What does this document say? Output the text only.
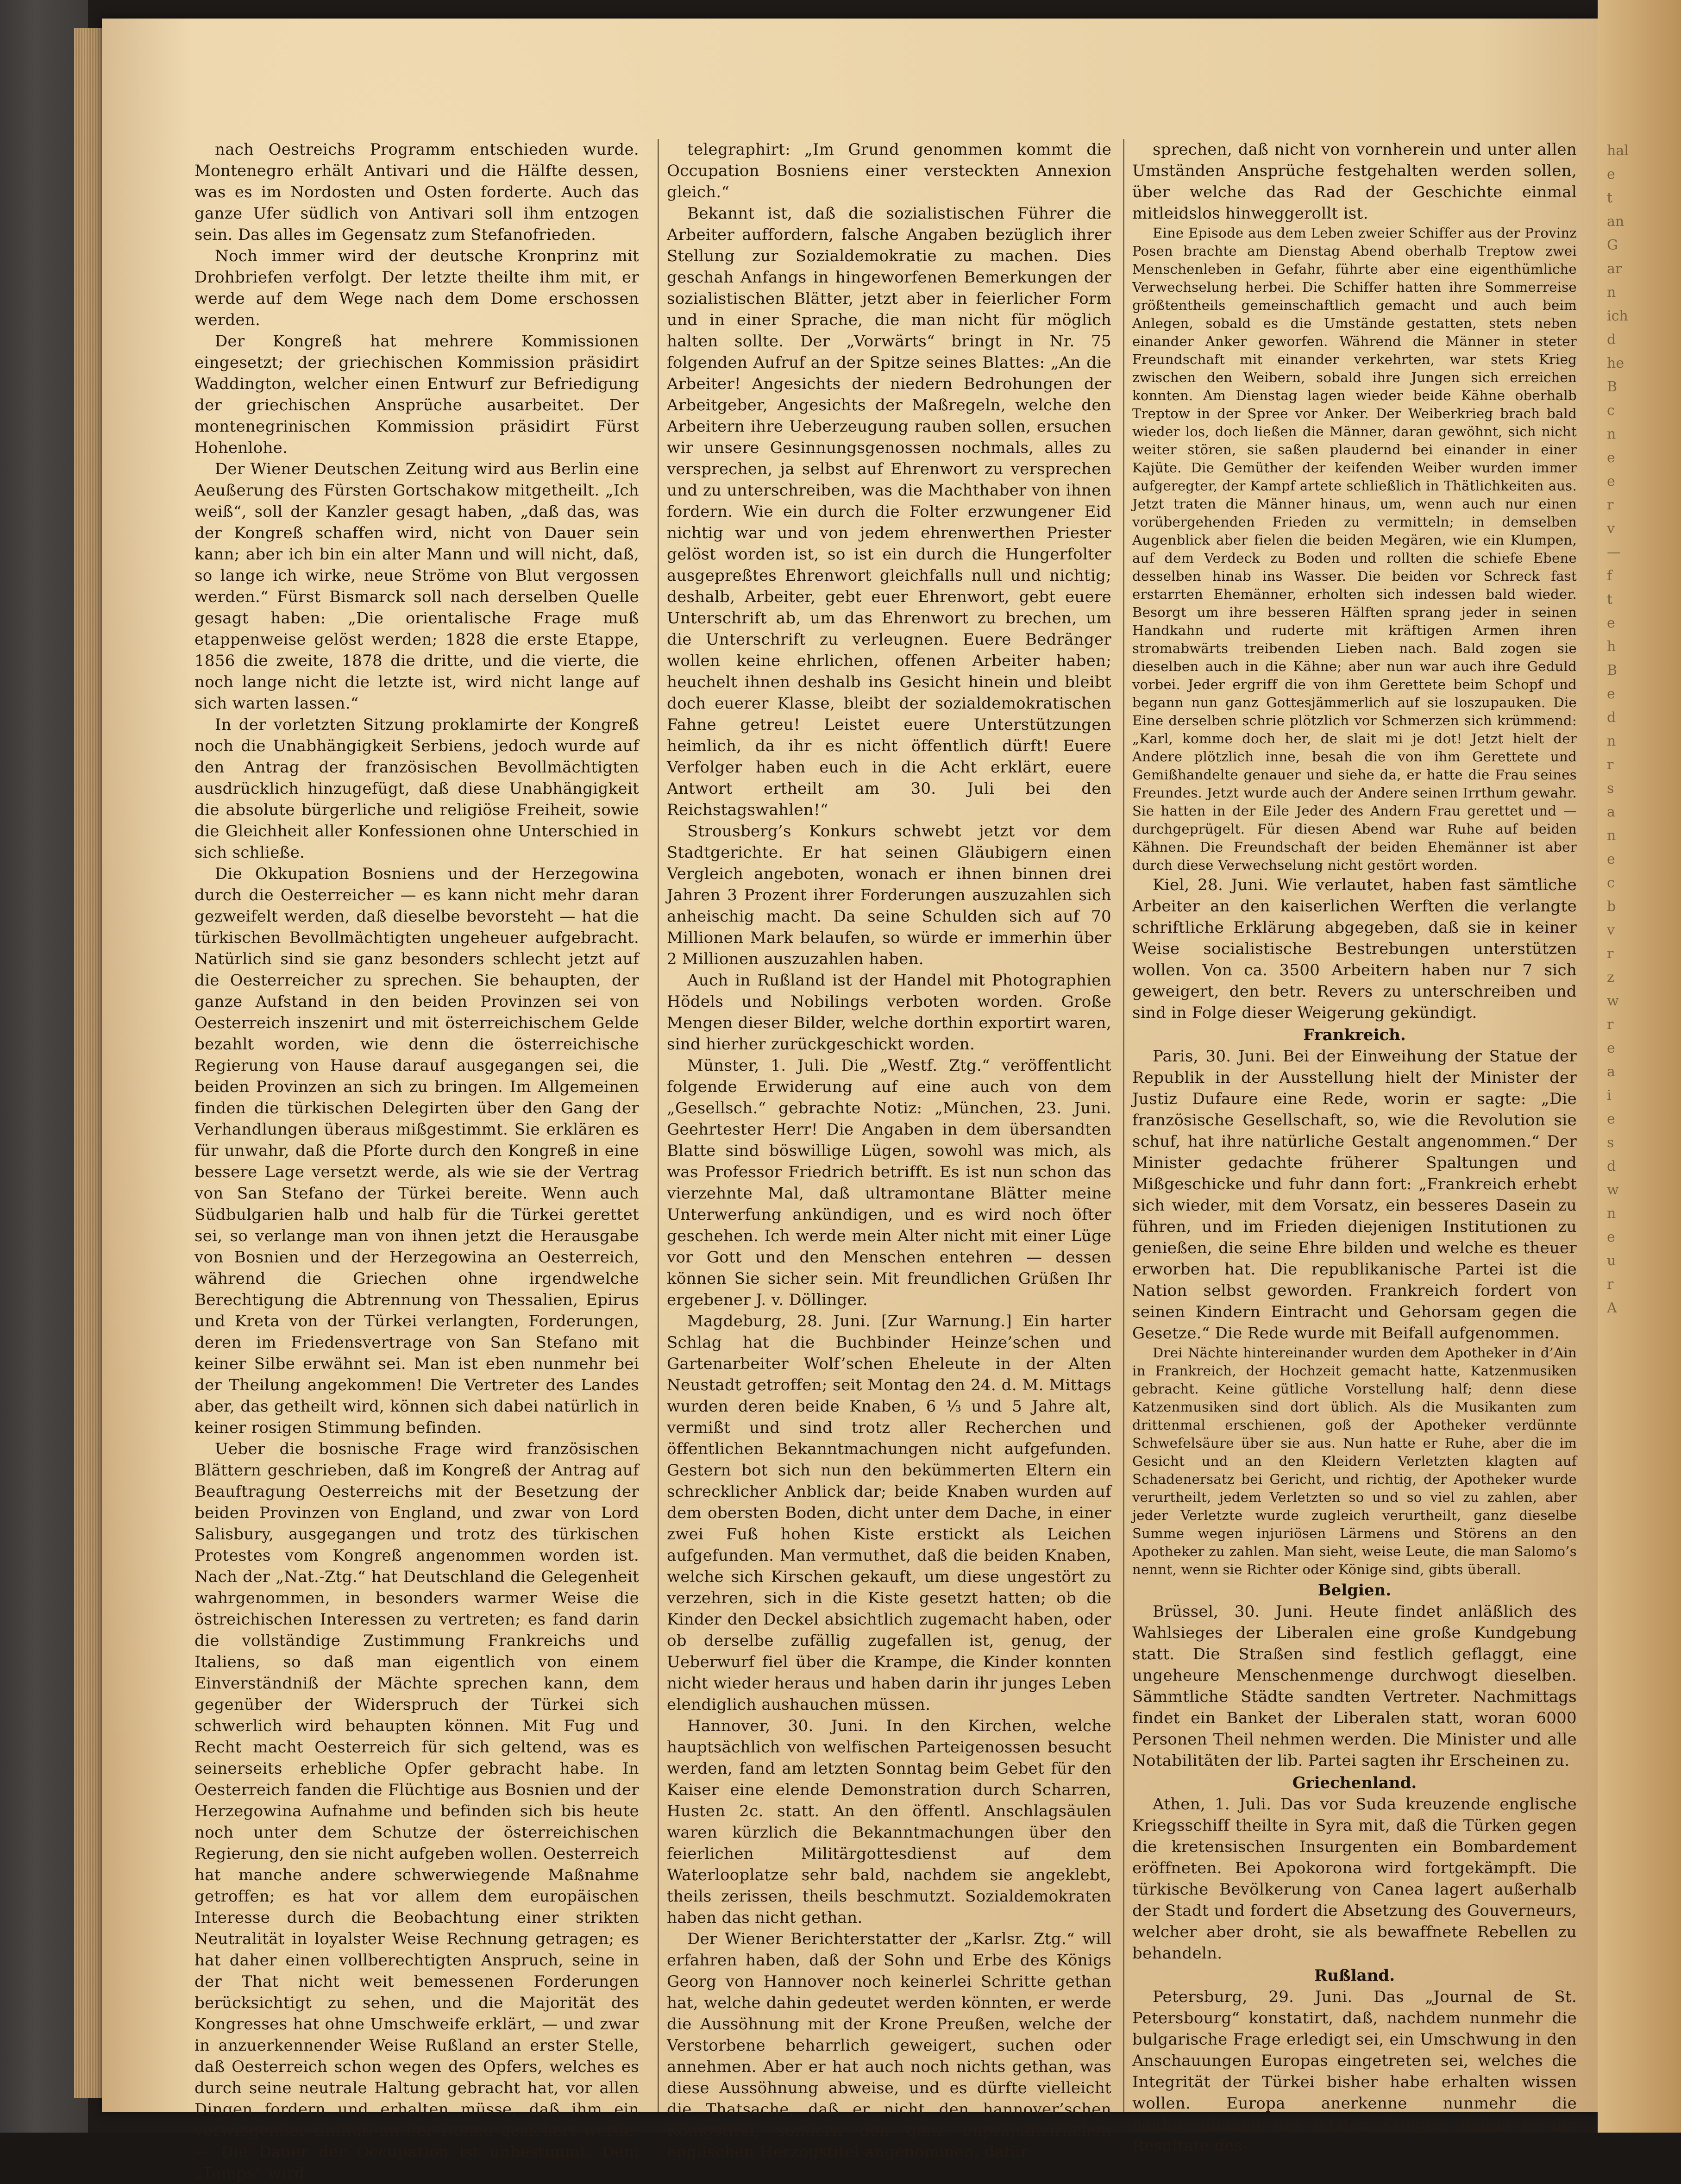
hal
e
t
an
G
ar
n
ich
d
he
B
c
n
e
e
r
v
—
f
t
e
h
B
e
d
n
r
s
a
n
e
c
b
v
r
z
w
r
e
a
i
e
s
d
w
n
e
u
r
A

nach Oestreichs Programm entschieden wurde. Montenegro erhält Antivari und die Hälfte dessen, was es im Nordosten und Osten forderte. Auch das ganze Ufer südlich von Antivari soll ihm entzogen sein. Das alles im Gegensatz zum Stefanofrieden.

Noch immer wird der deutsche Kronprinz mit Drohbriefen verfolgt. Der letzte theilte ihm mit, er werde auf dem Wege nach dem Dome erschossen werden.

Der Kongreß hat mehrere Kommissionen eingesetzt; der griechischen Kommission präsidirt Waddington, welcher einen Entwurf zur Befriedigung der griechischen Ansprüche ausarbeitet. Der montenegrinischen Kommission präsidirt Fürst Hohenlohe.

Der Wiener Deutschen Zeitung wird aus Berlin eine Aeußerung des Fürsten Gortschakow mitgetheilt. „Ich weiß“, soll der Kanzler gesagt haben, „daß das, was der Kongreß schaffen wird, nicht von Dauer sein kann; aber ich bin ein alter Mann und will nicht, daß, so lange ich wirke, neue Ströme von Blut vergossen werden.“ Fürst Bismarck soll nach derselben Quelle gesagt haben: „Die orientalische Frage muß etappenweise gelöst werden; 1828 die erste Etappe, 1856 die zweite, 1878 die dritte, und die vierte, die noch lange nicht die letzte ist, wird nicht lange auf sich warten lassen.“

In der vorletzten Sitzung proklamirte der Kongreß noch die Unabhängigkeit Serbiens, jedoch wurde auf den Antrag der französischen Bevollmächtigten ausdrücklich hinzugefügt, daß diese Unabhängigkeit die absolute bürgerliche und religiöse Freiheit, sowie die Gleichheit aller Konfessionen ohne Unterschied in sich schließe.

Die Okkupation Bosniens und der Herzegowina durch die Oesterreicher — es kann nicht mehr daran gezweifelt werden, daß dieselbe bevorsteht — hat die türkischen Bevollmächtigten ungeheuer aufgebracht. Natürlich sind sie ganz besonders schlecht jetzt auf die Oesterreicher zu sprechen. Sie behaupten, der ganze Aufstand in den beiden Provinzen sei von Oesterreich inszenirt und mit österreichischem Gelde bezahlt worden, wie denn die österreichische Regierung von Hause darauf ausgegangen sei, die beiden Provinzen an sich zu bringen. Im Allgemeinen finden die türkischen Delegirten über den Gang der Verhandlungen überaus mißgestimmt. Sie erklären es für unwahr, daß die Pforte durch den Kongreß in eine bessere Lage versetzt werde, als wie sie der Vertrag von San Stefano der Türkei bereite. Wenn auch Südbulgarien halb und halb für die Türkei gerettet sei, so verlange man von ihnen jetzt die Herausgabe von Bosnien und der Herzegowina an Oesterreich, während die Griechen ohne irgendwelche Berechtigung die Abtrennung von Thessalien, Epirus und Kreta von der Türkei verlangten, Forderungen, deren im Friedensvertrage von San Stefano mit keiner Silbe erwähnt sei. Man ist eben nunmehr bei der Theilung angekommen! Die Vertreter des Landes aber, das getheilt wird, können sich dabei natürlich in keiner rosigen Stimmung befinden.

Ueber die bosnische Frage wird französischen Blättern geschrieben, daß im Kongreß der Antrag auf Beauftragung Oesterreichs mit der Besetzung der beiden Provinzen von England, und zwar von Lord Salisbury, ausgegangen und trotz des türkischen Protestes vom Kongreß angenommen worden ist. Nach der „Nat.-Ztg.“ hat Deutschland die Gelegenheit wahrgenommen, in besonders warmer Weise die östreichischen Interessen zu vertreten; es fand darin die vollständige Zustimmung Frankreichs und Italiens, so daß man eigentlich von einem Einverständniß der Mächte sprechen kann, dem gegenüber der Widerspruch der Türkei sich schwerlich wird behaupten können. Mit Fug und Recht macht Oesterreich für sich geltend, was es seinerseits erhebliche Opfer gebracht habe. In Oesterreich fanden die Flüchtige aus Bosnien und der Herzegowina Aufnahme und befinden sich bis heute noch unter dem Schutze der österreichischen Regierung, den sie nicht aufgeben wollen. Oesterreich hat manche andere schwerwiegende Maßnahme getroffen; es hat vor allem dem europäischen Interesse durch die Beobachtung einer strikten Neutralität in loyalster Weise Rechnung getragen; es hat daher einen vollberechtigten Anspruch, seine in der That nicht weit bemessenen Forderungen berücksichtigt zu sehen, und die Majorität des Kongresses hat ohne Umschweife erklärt, — und zwar in anzuerkennender Weise Rußland an erster Stelle, daß Oesterreich schon wegen des Opfers, welches es durch seine neutrale Haltung gebracht hat, vor allen Dingen fordern und erhalten müsse, daß ihm ein vorwiegender Einfluß an der Donau gesichert werde. — Die Dauer der Occupation ist unbestimmt. Dem „Temps“ wird

telegraphirt: „Im Grund genommen kommt die Occupation Bosniens einer versteckten Annexion gleich.“

Bekannt ist, daß die sozialistischen Führer die Arbeiter auffordern, falsche Angaben bezüglich ihrer Stellung zur Sozialdemokratie zu machen. Dies geschah Anfangs in hingeworfenen Bemerkungen der sozialistischen Blätter, jetzt aber in feierlicher Form und in einer Sprache, die man nicht für möglich halten sollte. Der „Vorwärts“ bringt in Nr. 75 folgenden Aufruf an der Spitze seines Blattes: „An die Arbeiter! Angesichts der niedern Bedrohungen der Arbeitgeber, Angesichts der Maßregeln, welche den Arbeitern ihre Ueberzeugung rauben sollen, ersuchen wir unsere Gesinnungsgenossen nochmals, alles zu versprechen, ja selbst auf Ehrenwort zu versprechen und zu unterschreiben, was die Machthaber von ihnen fordern. Wie ein durch die Folter erzwungener Eid nichtig war und von jedem ehrenwerthen Priester gelöst worden ist, so ist ein durch die Hungerfolter ausgepreßtes Ehrenwort gleichfalls null und nichtig; deshalb, Arbeiter, gebt euer Ehrenwort, gebt euere Unterschrift ab, um das Ehrenwort zu brechen, um die Unterschrift zu verleugnen. Euere Bedränger wollen keine ehrlichen, offenen Arbeiter haben; heuchelt ihnen deshalb ins Gesicht hinein und bleibt doch euerer Klasse, bleibt der sozialdemokratischen Fahne getreu! Leistet euere Unterstützungen heimlich, da ihr es nicht öffentlich dürft! Euere Verfolger haben euch in die Acht erklärt, euere Antwort ertheilt am 30. Juli bei den Reichstagswahlen!“

Strousberg’s Konkurs schwebt jetzt vor dem Stadtgerichte. Er hat seinen Gläubigern einen Vergleich angeboten, wonach er ihnen binnen drei Jahren 3 Prozent ihrer Forderungen auszuzahlen sich anheischig macht. Da seine Schulden sich auf 70 Millionen Mark belaufen, so würde er immerhin über 2 Millionen auszuzahlen haben.

Auch in Rußland ist der Handel mit Photographien Hödels und Nobilings verboten worden. Große Mengen dieser Bilder, welche dorthin exportirt waren, sind hierher zurückgeschickt worden.

Münster, 1. Juli. Die „Westf. Ztg.“ veröffentlicht folgende Erwiderung auf eine auch von dem „Gesellsch.“ gebrachte Notiz: „München, 23. Juni. Geehrtester Herr! Die Angaben in dem übersandten Blatte sind böswillige Lügen, sowohl was mich, als was Professor Friedrich betrifft. Es ist nun schon das vierzehnte Mal, daß ultramontane Blätter meine Unterwerfung ankündigen, und es wird noch öfter geschehen. Ich werde mein Alter nicht mit einer Lüge vor Gott und den Menschen entehren — dessen können Sie sicher sein. Mit freundlichen Grüßen Ihr ergebener J. v. Döllinger.

Magdeburg, 28. Juni. [Zur Warnung.] Ein harter Schlag hat die Buchbinder Heinze’schen und Gartenarbeiter Wolf’schen Eheleute in der Alten Neustadt getroffen; seit Montag den 24. d. M. Mittags wurden deren beide Knaben, 6 ⅓ und 5 Jahre alt, vermißt und sind trotz aller Recherchen und öffentlichen Bekanntmachungen nicht aufgefunden. Gestern bot sich nun den bekümmerten Eltern ein schrecklicher Anblick dar; beide Knaben wurden auf dem obersten Boden, dicht unter dem Dache, in einer zwei Fuß hohen Kiste erstickt als Leichen aufgefunden. Man vermuthet, daß die beiden Knaben, welche sich Kirschen gekauft, um diese ungestört zu verzehren, sich in die Kiste gesetzt hatten; ob die Kinder den Deckel absichtlich zugemacht haben, oder ob derselbe zufällig zugefallen ist, genug, der Ueberwurf fiel über die Krampe, die Kinder konnten nicht wieder heraus und haben darin ihr junges Leben elendiglich aushauchen müssen.

Hannover, 30. Juni. In den Kirchen, welche hauptsächlich von welfischen Parteigenossen besucht werden, fand am letzten Sonntag beim Gebet für den Kaiser eine elende Demonstration durch Scharren, Husten 2c. statt. An den öffentl. Anschlagsäulen waren kürzlich die Bekanntmachungen über den feierlichen Militärgottesdienst auf dem Waterlooplatze sehr bald, nachdem sie angeklebt, theils zerissen, theils beschmutzt. Sozialdemokraten haben das nicht gethan.

Der Wiener Berichterstatter der „Karlsr. Ztg.“ will erfahren haben, daß der Sohn und Erbe des Königs Georg von Hannover noch keinerlei Schritte gethan hat, welche dahin gedeutet werden könnten, er werde die Aussöhnung mit der Krone Preußen, welche der Verstorbene beharrlich geweigert, suchen oder annehmen. Aber er hat auch noch nichts gethan, was diese Aussöhnung abweise, und es dürfte vielleicht die Thatsache, daß er nicht den hannover’schen Königstitel, sondern den ganz unpräjudizirlichen englischen Herzogstitel angenommen, dafür

sprechen, daß nicht von vornherein und unter allen Umständen Ansprüche festgehalten werden sollen, über welche das Rad der Geschichte einmal mitleidslos hinweggerollt ist.

Eine Episode aus dem Leben zweier Schiffer aus der Provinz Posen brachte am Dienstag Abend oberhalb Treptow zwei Menschenleben in Gefahr, führte aber eine eigenthümliche Verwechselung herbei. Die Schiffer hatten ihre Sommerreise größtentheils gemeinschaftlich gemacht und auch beim Anlegen, sobald es die Umstände gestatten, stets neben einander Anker geworfen. Während die Männer in steter Freundschaft mit einander verkehrten, war stets Krieg zwischen den Weibern, sobald ihre Jungen sich erreichen konnten. Am Dienstag lagen wieder beide Kähne oberhalb Treptow in der Spree vor Anker. Der Weiberkrieg brach bald wieder los, doch ließen die Männer, daran gewöhnt, sich nicht weiter stören, sie saßen plaudernd bei einander in einer Kajüte. Die Gemüther der keifenden Weiber wurden immer aufgeregter, der Kampf artete schließlich in Thätlichkeiten aus. Jetzt traten die Männer hinaus, um, wenn auch nur einen vorübergehenden Frieden zu vermitteln; in demselben Augenblick aber fielen die beiden Megären, wie ein Klumpen, auf dem Verdeck zu Boden und rollten die schiefe Ebene desselben hinab ins Wasser. Die beiden vor Schreck fast erstarrten Ehemänner, erholten sich indessen bald wieder. Besorgt um ihre besseren Hälften sprang jeder in seinen Handkahn und ruderte mit kräftigen Armen ihren stromabwärts treibenden Lieben nach. Bald zogen sie dieselben auch in die Kähne; aber nun war auch ihre Geduld vorbei. Jeder ergriff die von ihm Gerettete beim Schopf und begann nun ganz Gottesjämmerlich auf sie loszupauken. Die Eine derselben schrie plötzlich vor Schmerzen sich krümmend: „Karl, komme doch her, de slait mi je dot! Jetzt hielt der Andere plötzlich inne, besah die von ihm Gerettete und Gemißhandelte genauer und siehe da, er hatte die Frau seines Freundes. Jetzt wurde auch der Andere seinen Irrthum gewahr. Sie hatten in der Eile Jeder des Andern Frau gerettet und — durchgeprügelt. Für diesen Abend war Ruhe auf beiden Kähnen. Die Freundschaft der beiden Ehemänner ist aber durch diese Verwechselung nicht gestört worden.

Kiel, 28. Juni. Wie verlautet, haben fast sämtliche Arbeiter an den kaiserlichen Werften die verlangte schriftliche Erklärung abgegeben, daß sie in keiner Weise socialistische Bestrebungen unterstützen wollen. Von ca. 3500 Arbeitern haben nur 7 sich geweigert, den betr. Revers zu unterschreiben und sind in Folge dieser Weigerung gekündigt.

Frankreich.

Paris, 30. Juni. Bei der Einweihung der Statue der Republik in der Ausstellung hielt der Minister der Justiz Dufaure eine Rede, worin er sagte: „Die französische Gesellschaft, so, wie die Revolution sie schuf, hat ihre natürliche Gestalt angenommen.“ Der Minister gedachte früherer Spaltungen und Mißgeschicke und fuhr dann fort: „Frankreich erhebt sich wieder, mit dem Vorsatz, ein besseres Dasein zu führen, und im Frieden diejenigen Institutionen zu genießen, die seine Ehre bilden und welche es theuer erworben hat. Die republikanische Partei ist die Nation selbst geworden. Frankreich fordert von seinen Kindern Eintracht und Gehorsam gegen die Gesetze.“ Die Rede wurde mit Beifall aufgenommen.

Drei Nächte hintereinander wurden dem Apotheker in d’Ain in Frankreich, der Hochzeit gemacht hatte, Katzenmusiken gebracht. Keine gütliche Vorstellung half; denn diese Katzenmusiken sind dort üblich. Als die Musikanten zum drittenmal erschienen, goß der Apotheker verdünnte Schwefelsäure über sie aus. Nun hatte er Ruhe, aber die im Gesicht und an den Kleidern Verletzten klagten auf Schadenersatz bei Gericht, und richtig, der Apotheker wurde verurtheilt, jedem Verletzten so und so viel zu zahlen, aber jeder Verletzte wurde zugleich verurtheilt, ganz dieselbe Summe wegen injuriösen Lärmens und Störens an den Apotheker zu zahlen. Man sieht, weise Leute, die man Salomo’s nennt, wenn sie Richter oder Könige sind, gibts überall.

Belgien.

Brüssel, 30. Juni. Heute findet anläßlich des Wahlsieges der Liberalen eine große Kundgebung statt. Die Straßen sind festlich geflaggt, eine ungeheure Menschenmenge durchwogt dieselben. Sämmtliche Städte sandten Vertreter. Nachmittags findet ein Banket der Liberalen statt, woran 6000 Personen Theil nehmen werden. Die Minister und alle Notabilitäten der lib. Partei sagten ihr Erscheinen zu.

Griechenland.

Athen, 1. Juli. Das vor Suda kreuzende englische Kriegsschiff theilte in Syra mit, daß die Türken gegen die kretensischen Insurgenten ein Bombardement eröffneten. Bei Apokorona wird fortgekämpft. Die türkische Bevölkerung von Canea lagert außerhalb der Stadt und fordert die Absetzung des Gouverneurs, welcher aber droht, sie als bewaffnete Rebellen zu behandeln.

Rußland.

Petersburg, 29. Juni. Das „Journal de St. Petersbourg“ konstatirt, daß, nachdem nunmehr die bulgarische Frage erledigt sei, ein Umschwung in den Anschauungen Europas eingetreten sei, welches die Integrität der Türkei bisher habe erhalten wissen wollen. Europa anerkenne nunmehr die Nothwendigkeit des letzten Krieges, indem es die Resultate des-
